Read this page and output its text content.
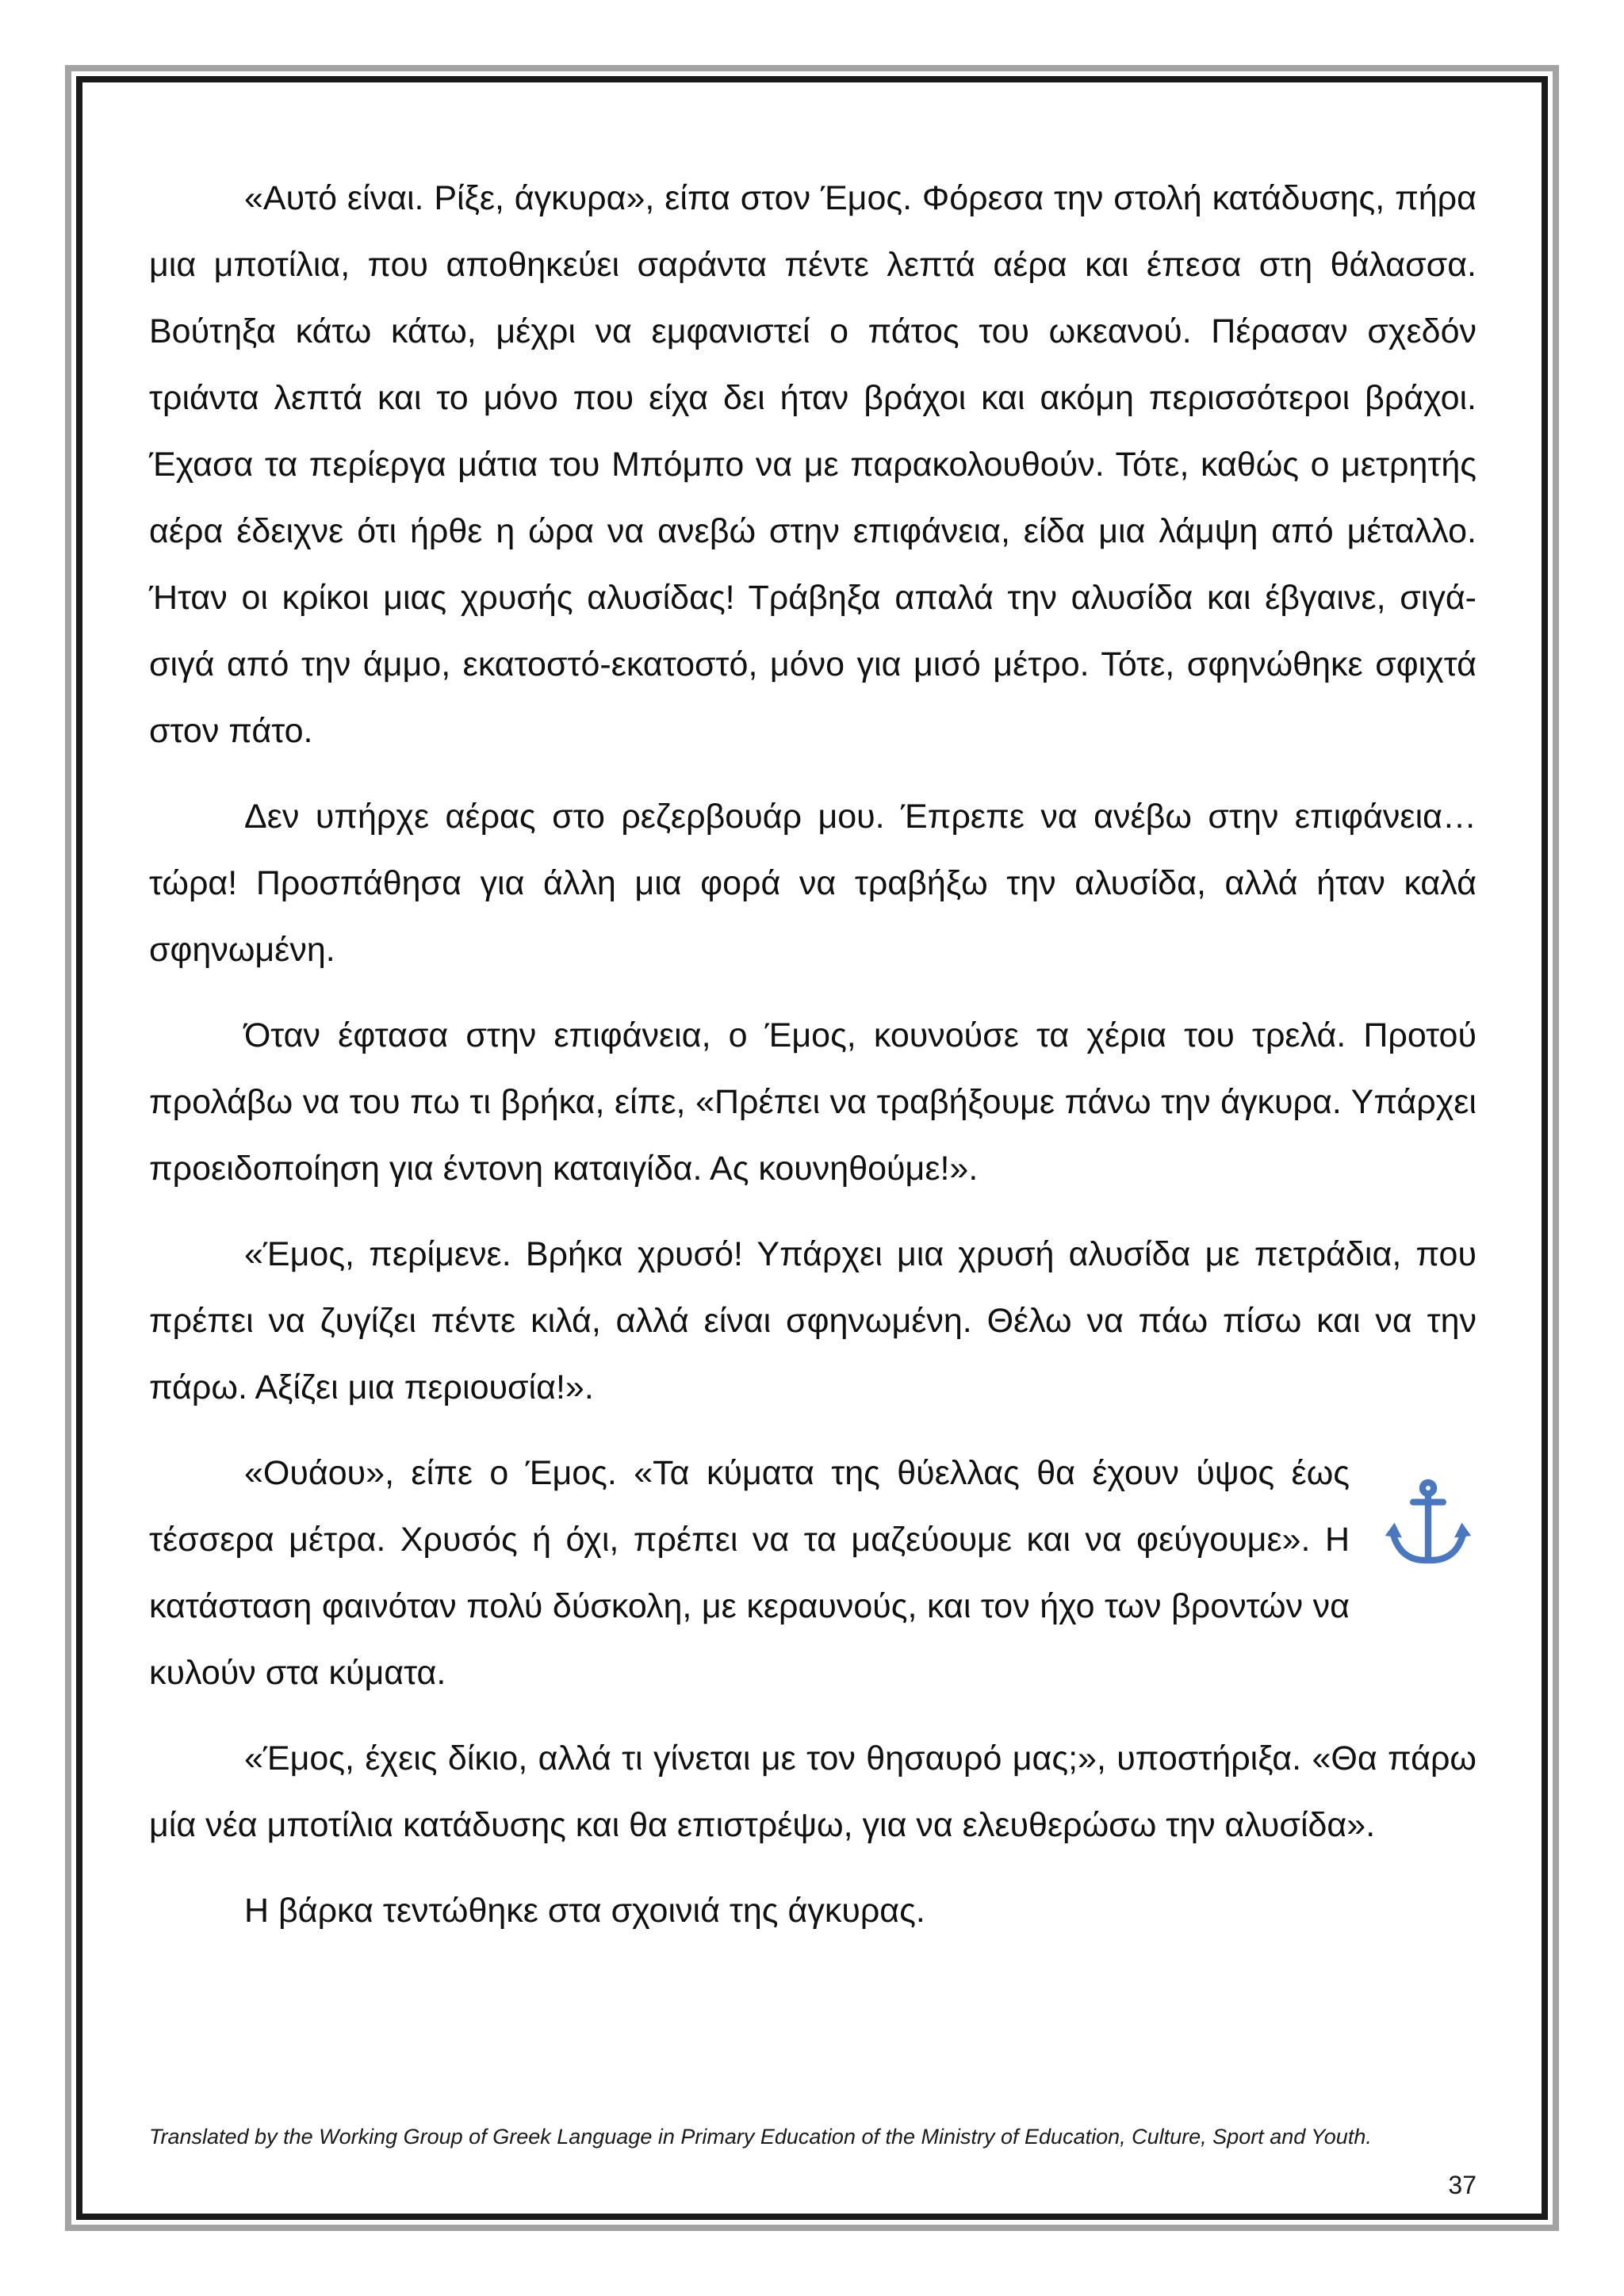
«Αυτό είναι. Ρίξε, άγκυρα», είπα στον Έμος. Φόρεσα την στολή κατάδυσης, πήρα μια μποτίλια, που αποθηκεύει σαράντα πέντε λεπτά αέρα και έπεσα στη θάλασσα. Βούτηξα κάτω κάτω, μέχρι να εμφανιστεί ο πάτος του ωκεανού. Πέρασαν σχεδόν τριάντα λεπτά και το μόνο που είχα δει ήταν βράχοι και ακόμη περισσότεροι βράχοι. Έχασα τα περίεργα μάτια του Μπόμπο να με παρακολουθούν. Τότε, καθώς ο μετρητής αέρα έδειχνε ότι ήρθε η ώρα να ανεβώ στην επιφάνεια, είδα μια λάμψη από μέταλλο. Ήταν οι κρίκοι μιας χρυσής αλυσίδας! Τράβηξα απαλά την αλυσίδα και έβγαινε, σιγά-σιγά από την άμμο, εκατοστό-εκατοστό, μόνο για μισό μέτρο. Τότε, σφηνώθηκε σφιχτά στον πάτο.

Δεν υπήρχε αέρας στο ρεζερβουάρ μου. Έπρεπε να ανέβω στην επιφάνεια… τώρα! Προσπάθησα για άλλη μια φορά να τραβήξω την αλυσίδα, αλλά ήταν καλά σφηνωμένη.

Όταν έφτασα στην επιφάνεια, ο Έμος, κουνούσε τα χέρια του τρελά. Προτού προλάβω να του πω τι βρήκα, είπε, «Πρέπει να τραβήξουμε πάνω την άγκυρα. Υπάρχει προειδοποίηση για έντονη καταιγίδα. Ας κουνηθούμε!».

«Έμος, περίμενε. Βρήκα χρυσό! Υπάρχει μια χρυσή αλυσίδα με πετράδια, που πρέπει να ζυγίζει πέντε κιλά, αλλά είναι σφηνωμένη. Θέλω να πάω πίσω και να την πάρω. Αξίζει μια περιουσία!».

«Ουάου», είπε ο Έμος. «Τα κύματα της θύελλας θα έχουν ύψος έως τέσσερα μέτρα. Χρυσός ή όχι, πρέπει να τα μαζεύουμε και να φεύγουμε». Η κατάσταση φαινόταν πολύ δύσκολη, με κεραυνούς, και τον ήχο των βροντών να κυλούν στα κύματα.

«Έμος, έχεις δίκιο, αλλά τι γίνεται με τον θησαυρό μας;», υποστήριξα. «Θα πάρω μία νέα μποτίλια κατάδυσης και θα επιστρέψω, για να ελευθερώσω την αλυσίδα».

Η βάρκα τεντώθηκε στα σχοινιά της άγκυρας.

Translated by the Working Group of Greek Language in Primary Education of the Ministry of Education, Culture, Sport and Youth.
37
